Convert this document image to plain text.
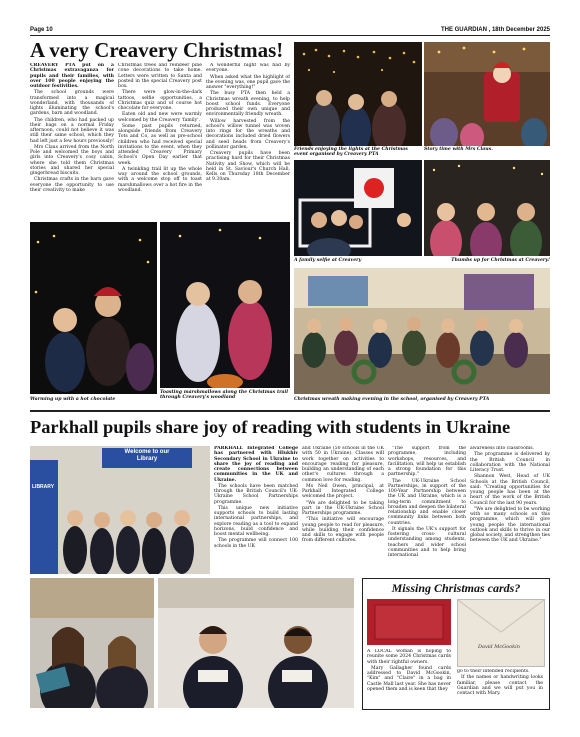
Page 10	THE GUARDIAN , 18th December 2025
A very Creavery Christmas!

CREAVERY PTA put on a Christmas extravaganza for pupils and their families, with over 100 people enjoying the outdoor festivities.

The school grounds were transformed into a magical wonderland, with thousands of lights illuminating the school's gardens, barn and woodland.

The children, who had packed up their bags on a normal Friday afternoon, could not believe it was still their same school, which they had left just a few hours previously!

Mrs Claus arrived from the North Pole and welcomed the boys and girls into Creavery's cosy cabin, where she told them Christmas stories and shared her special gingerbread biscuits.

Christmas crafts in the barn gave everyone the opportunity to use their creativity to make

Christmas trees and reindeer pine cone decorations to take home. Letters were written to Santa and posted in the special Creavery post box.

There were glow-in-the-dark tattoos, selfie opportunities, a Christmas quiz and of course hot chocolate for everyone.

Eaten old and new were warmly welcomed by the Creavery 'family'.

Some past pupils returned, alongside friends from Creavery Tots and Co, as well as pre-school children who had received special invitations to the event, when they attended Creavery Primary School's Open Day earlier that week.

A twinkling trail lit up the whole way around the school grounds, with a welcome stop off to toast marshmallows over a hot fire in the woodland.

A wonderful night was had by everyone.

When asked what the highlight of the evening was, one pupil gave the answer "everything!"

The busy PTA then held a Christmas wreath evening, to help boost school funds. Everyone produced their own unique and environmentally friendly wreath.

Willow harvested from the school's willow tunnel was woven into rings for the wreaths and decorations included dried flowers and seed heads from Creavery's pollinator garden.

Creavery pupils have been practising hard for their Christmas Nativity and Show, which will be held in St. Saviour's Church Hall, Kells on Thursday 18th December at 9.30am.

Friends enjoying the lights at the Christmas event organised by Creavery PTA
Story time with Mrs Claus.
A family selfie at Creavery	Thumbs up for Christmas at Creavery!
Warming up with a hot chocolate
Toasting marshmallows along the Christmas trail through Creavery's woodland	Christmas wreath making evening in the school, organised by Creavery PTA
Parkhall pupils share joy of reading with students in Ukraine
Welcome to our
Library
LIBRARY

PARKHALL Integrated College has partnered with Hlukhiv Secondary School in Ukraine to share the joy of reading and create connections between communities in the UK and Ukraine.

The schools have been matched through the British Council's UK-Ukraine School Partnerships programme.

This unique new initiative supports schools to build lasting international partnerships, and explore reading as a tool to expand horizons, build confidence and boost mental wellbeing.

The programme will connect 100 schools in the UK

and Ukraine (50 schools in the UK with 50 in Ukraine). Classes will work together on activities to encourage reading for pleasure, building an understanding of each other's cultures through a common love for reading.

Ms Neil Owen, principal, at Parkhall Integrated College welcomed the project.

"We are delighted to be taking part in the UK-Ukraine School Partnerships programme.

"This initiative will encourage young people to read for pleasure, while building their confidence and skills to engage with people from different cultures.

"The support from the programme, including workshops, resources, and facilitation, will help us establish a strong foundation for this partnership."

The UK-Ukraine School Partnerships, in support of the 100-Year Partnership between the UK and Ukraine, which is a long-term commitment to broaden and deepen the bilateral relationship and enable closer community links between both countries.

It signals the UK's support for fostering cross- cultural understanding among students, teachers and wider school communities and to help bring international

awareness into classrooms.

The programme is delivered by the British Council in collaboration with the National Literacy Trust.

Shannon West, Head of UK Schools at the British Council, said: "Creating opportunities for young people has been at the heart of the work of the British Council for the last 90 years.

"We are delighted to be working with so many schools on this programme, which will give young people the international outlook and skills to thrive in our global society, and strengthen ties between the UK and Ukraine."

Missing Christmas cards?
David McGookin

A LOCAL woman is hoping to reunite some 2024 Christmas cards with their rightful owners.

Mary Gallagher found cards addressed to David McGookin, "Kim" and "Claire" in a bag in Castle Mall last year. She has never opened them and is keen that they

go to their intended recipients.

If the names or handwriting looks familiar, please contact the Guardian and we will put you in contact with Mary.
